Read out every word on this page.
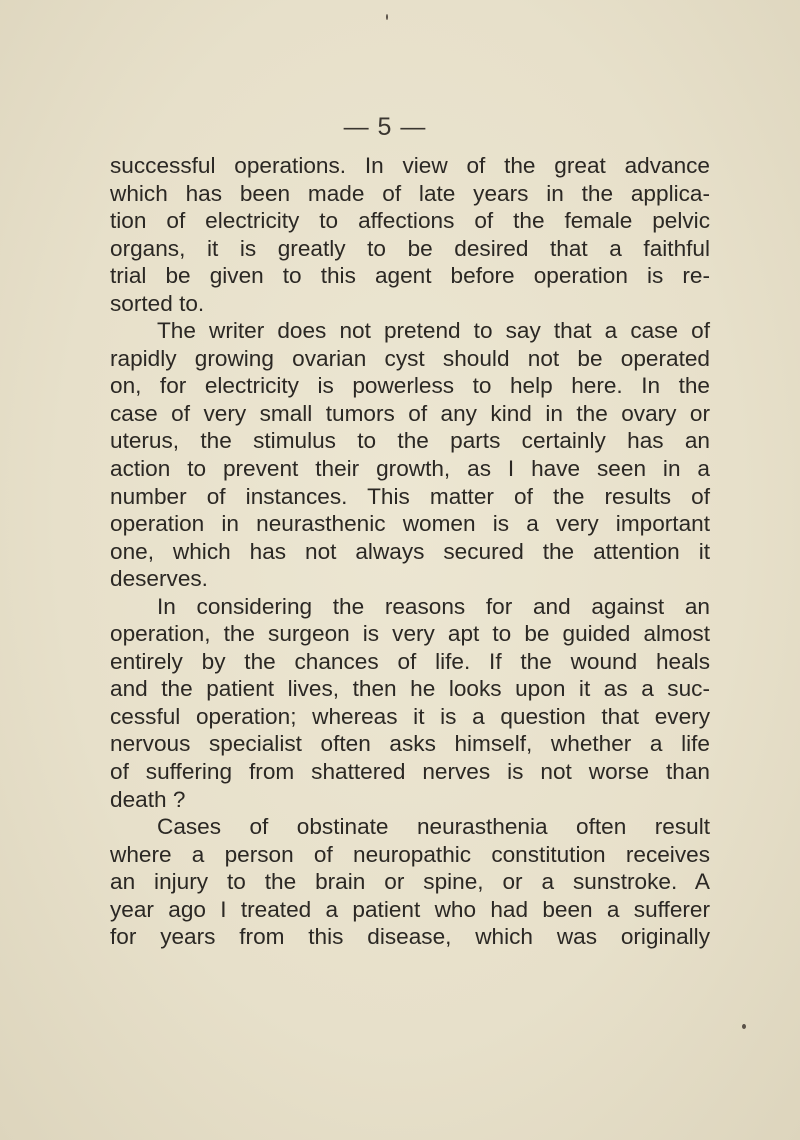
— 5 —
successful operations. In view of the great advance
which has been made of late years in the applica-
tion of electricity to affections of the female pelvic
organs, it is greatly to be desired that a faithful
trial be given to this agent before operation is re-
sorted to.
The writer does not pretend to say that a case of
rapidly growing ovarian cyst should not be operated
on, for electricity is powerless to help here. In the
case of very small tumors of any kind in the ovary or
uterus, the stimulus to the parts certainly has an
action to prevent their growth, as I have seen in a
number of instances. This matter of the results of
operation in neurasthenic women is a very important
one, which has not always secured the attention it
deserves.
In considering the reasons for and against an
operation, the surgeon is very apt to be guided almost
entirely by the chances of life. If the wound heals
and the patient lives, then he looks upon it as a suc-
cessful operation; whereas it is a question that every
nervous specialist often asks himself, whether a life
of suffering from shattered nerves is not worse than
death ?
Cases of obstinate neurasthenia often result
where a person of neuropathic constitution receives
an injury to the brain or spine, or a sunstroke. A
year ago I treated a patient who had been a sufferer
for years from this disease, which was originally
